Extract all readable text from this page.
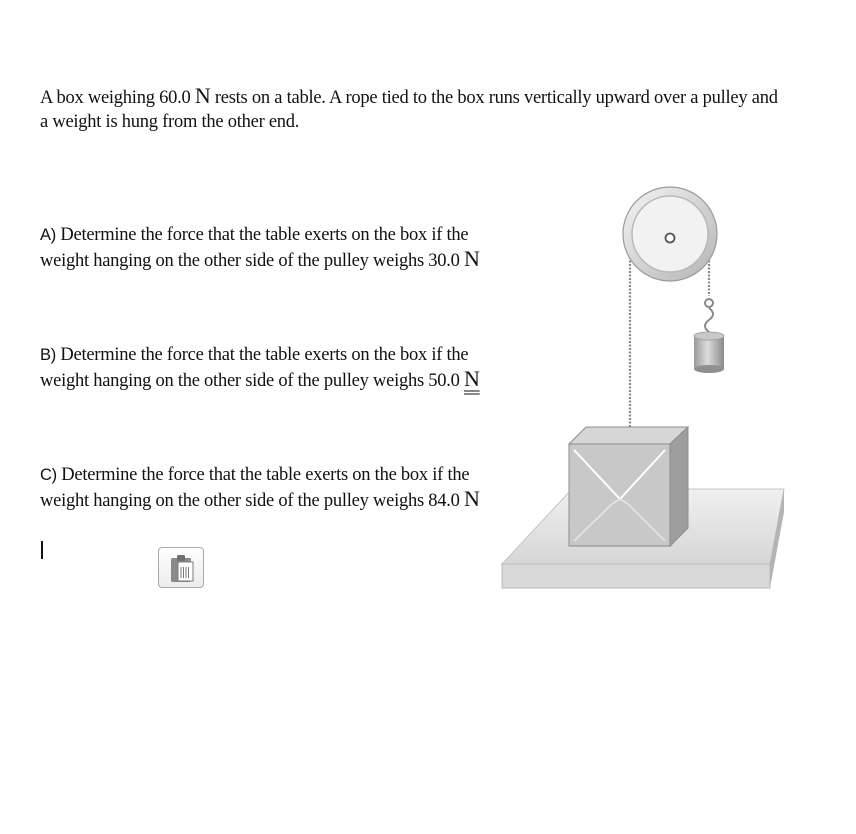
A box weighing 60.0 N rests on a table. A rope tied to the box runs vertically upward over a pulley and a weight is hung from the other end.

A) Determine the force that the table exerts on the box if the weight hanging on the other side of the pulley weighs 30.0 N

B) Determine the force that the table exerts on the box if the weight hanging on the other side of the pulley weighs 50.0 N

C) Determine the force that the table exerts on the box if the weight hanging on the other side of the pulley weighs 84.0 N
